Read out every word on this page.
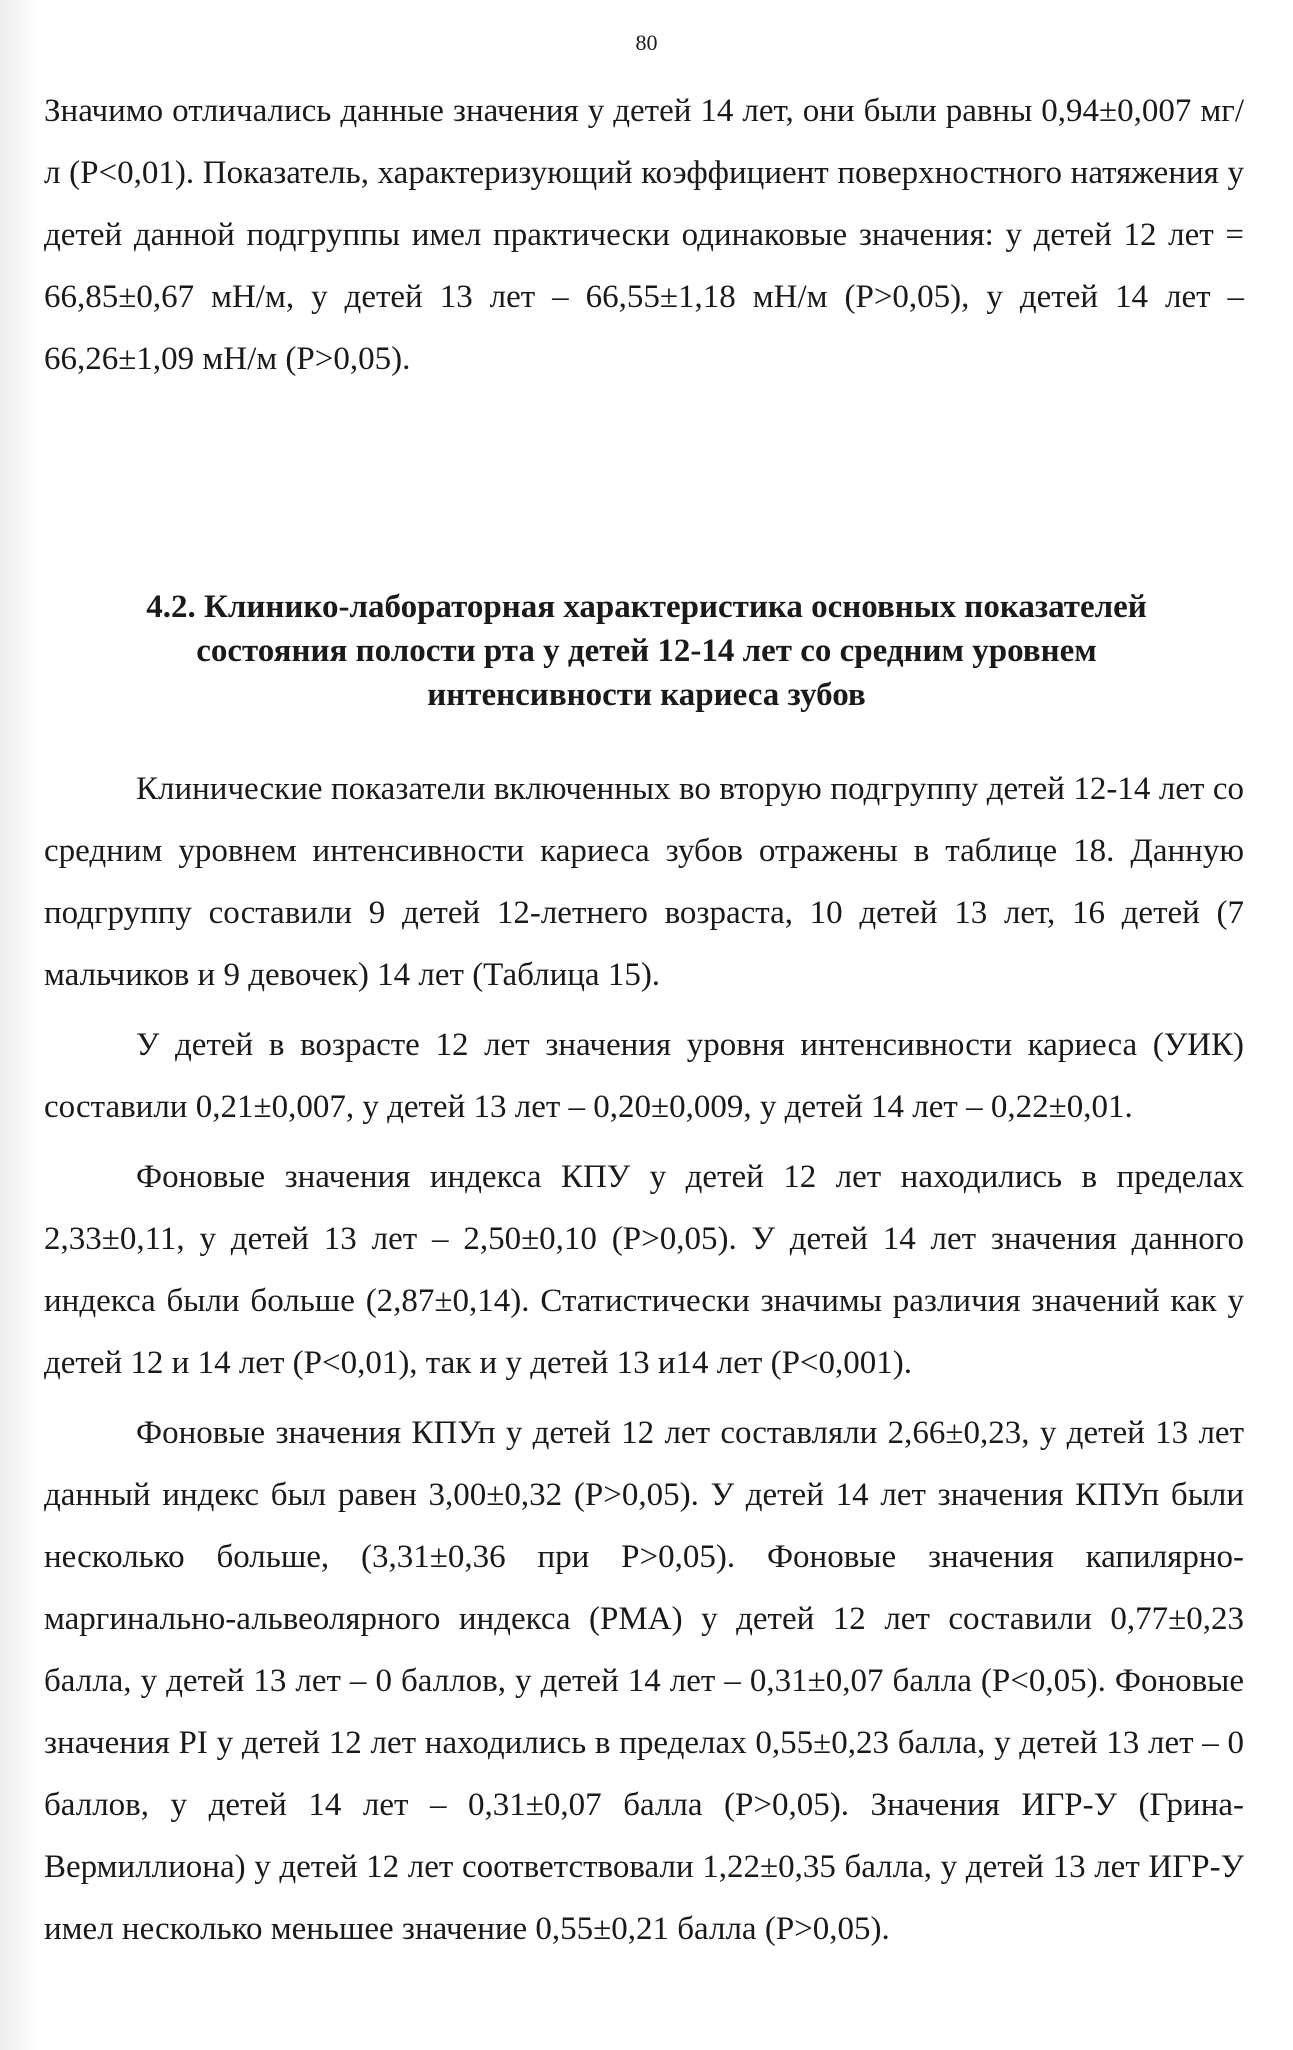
80

Значимо отличались данные значения у детей 14 лет, они были равны 0,94±0,007 мг/л (P<0,01). Показатель, характеризующий коэффициент поверхностного натяжения у детей данной подгруппы имел практически одинаковые значения: у детей 12 лет = 66,85±0,67 мН/м, у детей 13 лет – 66,55±1,18 мН/м (P>0,05), у детей 14 лет – 66,26±1,09 мН/м (P>0,05).

4.2. Клинико-лабораторная характеристика основных показателей
состояния полости рта у детей 12-14 лет со средним уровнем
интенсивности кариеса зубов

Клинические показатели включенных во вторую подгруппу детей 12-14 лет со средним уровнем интенсивности кариеса зубов отражены в таблице 18. Данную подгруппу составили 9 детей 12-летнего возраста, 10 детей 13 лет, 16 детей (7 мальчиков и 9 девочек) 14 лет (Таблица 15).

У детей в возрасте 12 лет значения уровня интенсивности кариеса (УИК) составили 0,21±0,007, у детей 13 лет – 0,20±0,009, у детей 14 лет – 0,22±0,01.

Фоновые значения индекса КПУ у детей 12 лет находились в пределах 2,33±0,11, у детей 13 лет – 2,50±0,10 (P>0,05). У детей 14 лет значения данного индекса были больше (2,87±0,14). Статистически значимы различия значений как у детей 12 и 14 лет (P<0,01), так и у детей 13 и14 лет (P<0,001).

Фоновые значения КПУп у детей 12 лет составляли 2,66±0,23, у детей 13 лет данный индекс был равен 3,00±0,32 (P>0,05). У детей 14 лет значения КПУп были несколько больше, (3,31±0,36 при P>0,05). Фоновые значения капилярно-маргинально-альвеолярного индекса (РМА) у детей 12 лет составили 0,77±0,23 балла, у детей 13 лет – 0 баллов, у детей 14 лет – 0,31±0,07 балла (P<0,05). Фоновые значения PI у детей 12 лет находились в пределах 0,55±0,23 балла, у детей 13 лет – 0 баллов, у детей 14 лет – 0,31±0,07 балла (P>0,05). Значения ИГР-У (Грина-Вермиллиона) у детей 12 лет соответствовали 1,22±0,35 балла, у детей 13 лет ИГР-У имел несколько меньшее значение 0,55±0,21 балла (P>0,05).
